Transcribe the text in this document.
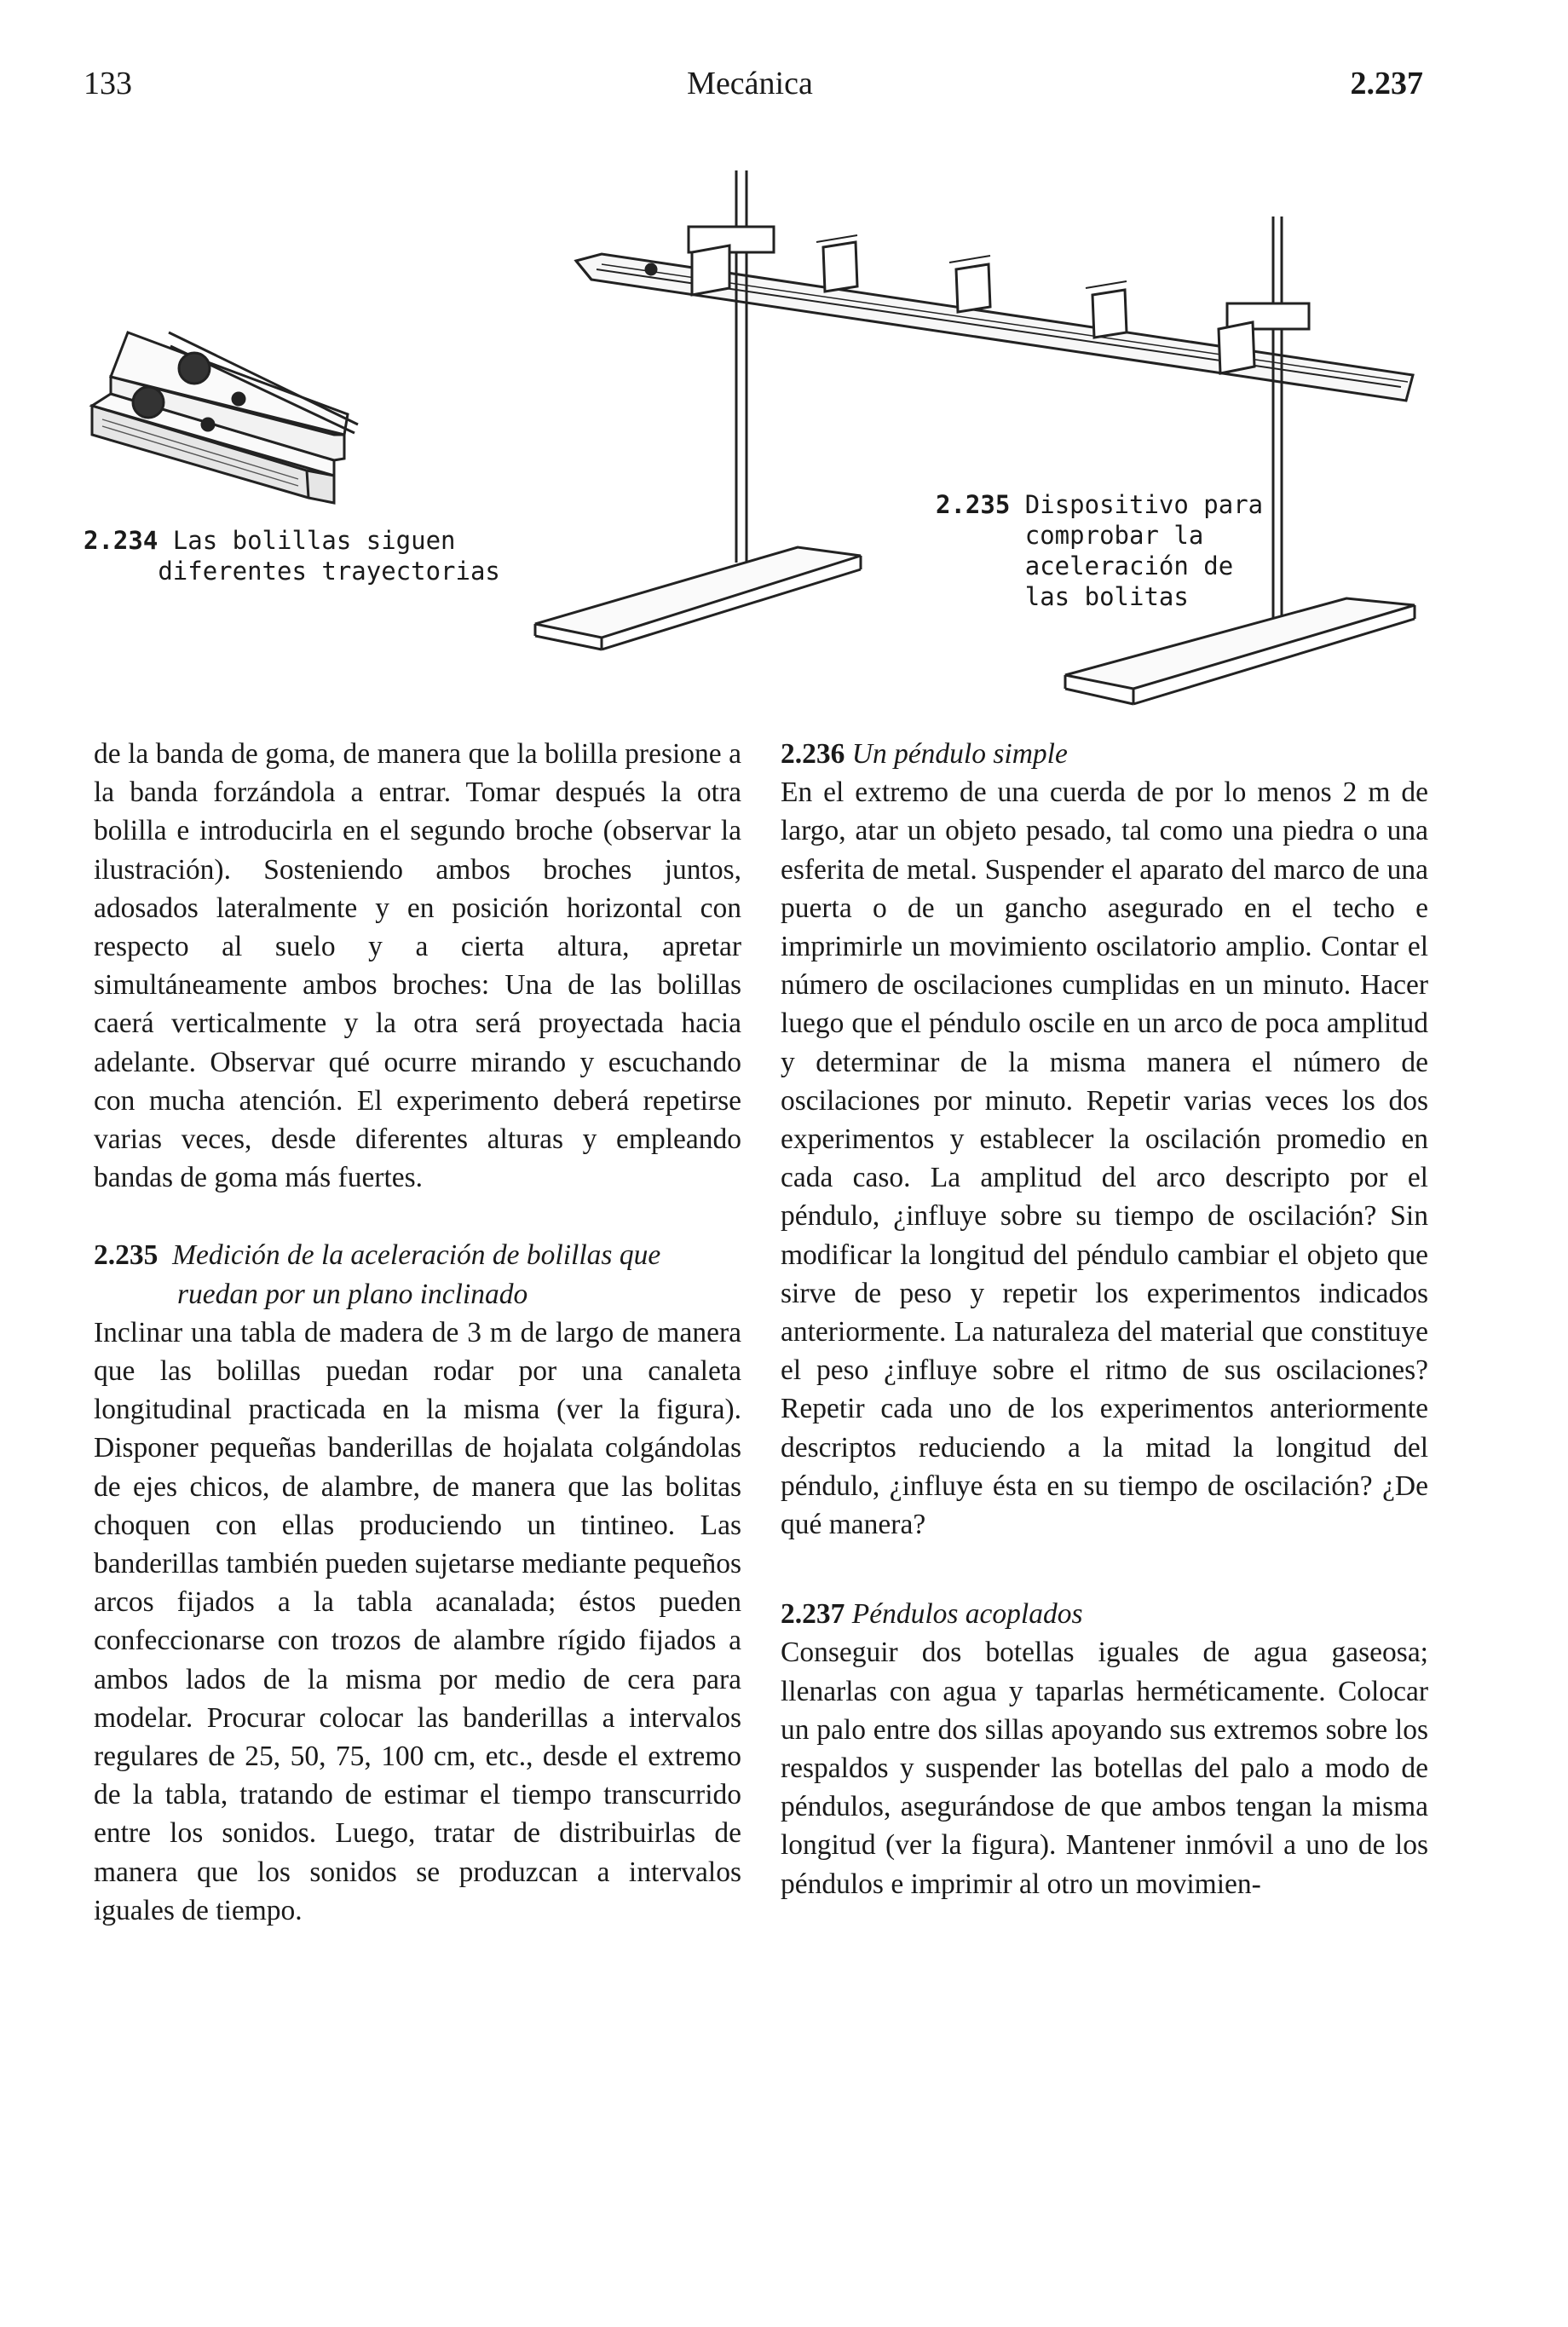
133	Mecánica	2.237
2.234 Las bolillas siguen
diferentes trayectorias
2.235 Dispositivo para
comprobar la
aceleración de
las bolitas

de la banda de goma, de manera que la bolilla presione a la banda forzándola a entrar. Tomar después la otra bolilla e introducirla en el segundo broche (observar la ilustración). Sosteniendo ambos broches juntos, adosados lateralmente y en posición horizontal con respecto al suelo y a cierta altura, apretar simultáneamente ambos broches: Una de las bolillas caerá verticalmente y la otra será proyectada hacia adelante. Observar qué ocurre mirando y escuchando con mucha atención. El experimento deberá repetirse varias veces, desde diferentes alturas y empleando bandas de goma más fuertes.

2.235 Medición de la aceleración de bolillas que ruedan por un plano inclinado

Inclinar una tabla de madera de 3 m de largo de manera que las bolillas puedan rodar por una canaleta longitudinal practicada en la misma (ver la figura). Disponer pequeñas banderillas de hojalata colgándolas de ejes chicos, de alambre, de manera que las bolitas choquen con ellas produciendo un tintineo. Las banderillas también pueden sujetarse mediante pequeños arcos fijados a la tabla acanalada; éstos pueden confeccionarse con trozos de alambre rígido fijados a ambos lados de la misma por medio de cera para modelar. Procurar colocar las banderillas a intervalos regulares de 25, 50, 75, 100 cm, etc., desde el extremo de la tabla, tratando de estimar el tiempo transcurrido entre los sonidos. Luego, tratar de distribuirlas de manera que los sonidos se produzcan a intervalos iguales de tiempo.

2.236 Un péndulo simple

En el extremo de una cuerda de por lo menos 2 m de largo, atar un objeto pesado, tal como una piedra o una esferita de metal. Suspender el aparato del marco de una puerta o de un gancho asegurado en el techo e imprimirle un movimiento oscilatorio amplio. Contar el número de oscilaciones cumplidas en un minuto. Hacer luego que el péndulo oscile en un arco de poca amplitud y determinar de la misma manera el número de oscilaciones por minuto. Repetir varias veces los dos experimentos y establecer la oscilación promedio en cada caso. La amplitud del arco descripto por el péndulo, ¿influye sobre su tiempo de oscilación? Sin modificar la longitud del péndulo cambiar el objeto que sirve de peso y repetir los experimentos indicados anteriormente. La naturaleza del material que constituye el peso ¿influye sobre el ritmo de sus oscilaciones? Repetir cada uno de los experimentos anteriormente descriptos reduciendo a la mitad la longitud del péndulo, ¿influye ésta en su tiempo de oscilación? ¿De qué manera?

2.237 Péndulos acoplados

Conseguir dos botellas iguales de agua gaseosa; llenarlas con agua y taparlas herméticamente. Colocar un palo entre dos sillas apoyando sus extremos sobre los respaldos y suspender las botellas del palo a modo de péndulos, asegurándose de que ambos tengan la misma longitud (ver la figura). Mantener inmóvil a uno de los péndulos e imprimir al otro un movimien-
